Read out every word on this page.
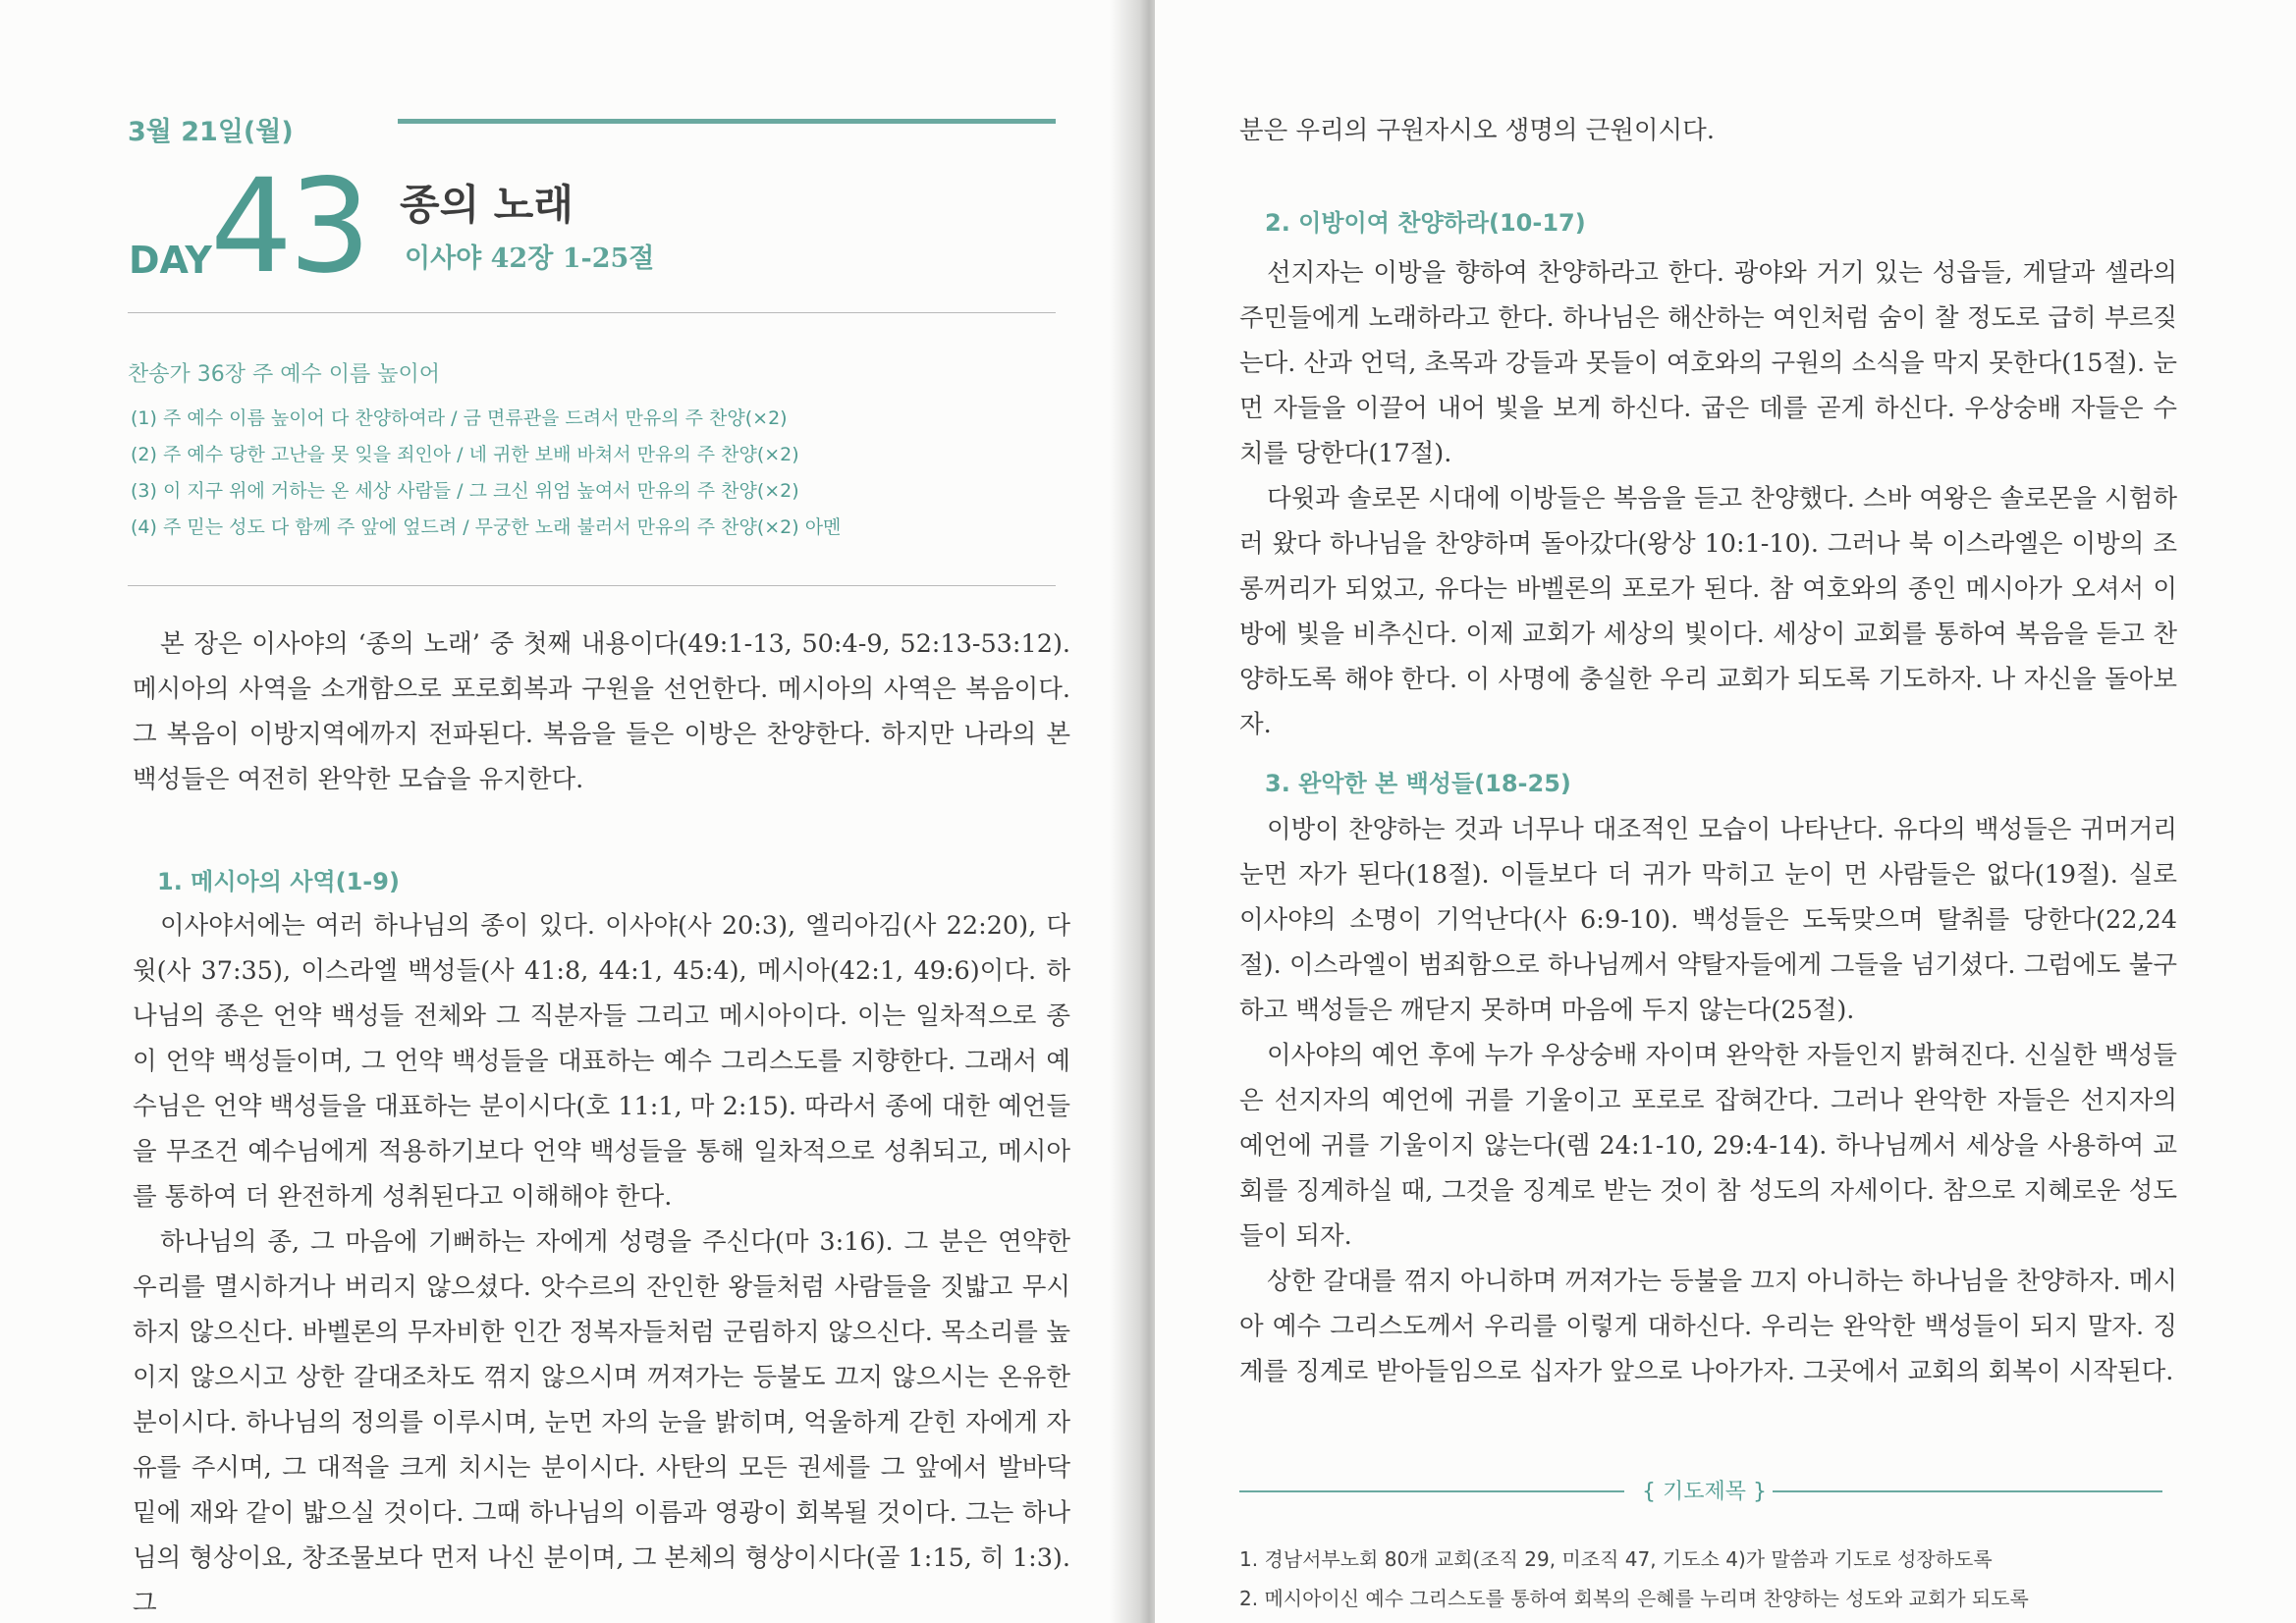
3월 21일(월)
DAY
43 종의 노래
이사야 42장 1-25절
찬송가 36장 주 예수 이름 높이어
(1) 주 예수 이름 높이어 다 찬양하여라 / 금 면류관을 드려서 만유의 주 찬양(×2)
(2) 주 예수 당한 고난을 못 잊을 죄인아 / 네 귀한 보배 바쳐서 만유의 주 찬양(×2)
(3) 이 지구 위에 거하는 온 세상 사람들 / 그 크신 위엄 높여서 만유의 주 찬양(×2)
(4) 주 믿는 성도 다 함께 주 앞에 엎드려 / 무궁한 노래 불러서 만유의 주 찬양(×2) 아멘

본 장은 이사야의 ‘종의 노래’ 중 첫째 내용이다(49:1-13, 50:4-9, 52:13-53:12). 메시아의 사역을 소개함으로 포로회복과 구원을 선언한다. 메시아의 사역은 복음이다. 그 복음이 이방지역에까지 전파된다. 복음을 들은 이방은 찬양한다. 하지만 나라의 본 백성들은 여전히 완악한 모습을 유지한다.

1. 메시아의 사역(1-9)

이사야서에는 여러 하나님의 종이 있다. 이사야(사 20:3), 엘리아김(사 22:20), 다윗(사 37:35), 이스라엘 백성들(사 41:8, 44:1, 45:4), 메시아(42:1, 49:6)이다. 하나님의 종은 언약 백성들 전체와 그 직분자들 그리고 메시아이다. 이는 일차적으로 종이 언약 백성들이며, 그 언약 백성들을 대표하는 예수 그리스도를 지향한다. 그래서 예수님은 언약 백성들을 대표하는 분이시다(호 11:1, 마 2:15). 따라서 종에 대한 예언들을 무조건 예수님에게 적용하기보다 언약 백성들을 통해 일차적으로 성취되고, 메시아를 통하여 더 완전하게 성취된다고 이해해야 한다.

하나님의 종, 그 마음에 기뻐하는 자에게 성령을 주신다(마 3:16). 그 분은 연약한 우리를 멸시하거나 버리지 않으셨다. 앗수르의 잔인한 왕들처럼 사람들을 짓밟고 무시하지 않으신다. 바벨론의 무자비한 인간 정복자들처럼 군림하지 않으신다. 목소리를 높이지 않으시고 상한 갈대조차도 꺾지 않으시며 꺼져가는 등불도 끄지 않으시는 온유한 분이시다. 하나님의 정의를 이루시며, 눈먼 자의 눈을 밝히며, 억울하게 갇힌 자에게 자유를 주시며, 그 대적을 크게 치시는 분이시다. 사탄의 모든 권세를 그 앞에서 발바닥 밑에 재와 같이 밟으실 것이다. 그때 하나님의 이름과 영광이 회복될 것이다. 그는 하나님의 형상이요, 창조물보다 먼저 나신 분이며, 그 본체의 형상이시다(골 1:15, 히 1:3). 그

분은 우리의 구원자시오 생명의 근원이시다.

2. 이방이여 찬양하라(10-17)

선지자는 이방을 향하여 찬양하라고 한다. 광야와 거기 있는 성읍들, 게달과 셀라의 주민들에게 노래하라고 한다. 하나님은 해산하는 여인처럼 숨이 찰 정도로 급히 부르짖는다. 산과 언덕, 초목과 강들과 못들이 여호와의 구원의 소식을 막지 못한다(15절). 눈먼 자들을 이끌어 내어 빛을 보게 하신다. 굽은 데를 곧게 하신다. 우상숭배 자들은 수치를 당한다(17절).

다윗과 솔로몬 시대에 이방들은 복음을 듣고 찬양했다. 스바 여왕은 솔로몬을 시험하러 왔다 하나님을 찬양하며 돌아갔다(왕상 10:1-10). 그러나 북 이스라엘은 이방의 조롱꺼리가 되었고, 유다는 바벨론의 포로가 된다. 참 여호와의 종인 메시아가 오셔서 이방에 빛을 비추신다. 이제 교회가 세상의 빛이다. 세상이 교회를 통하여 복음을 듣고 찬양하도록 해야 한다. 이 사명에 충실한 우리 교회가 되도록 기도하자. 나 자신을 돌아보자.

3. 완악한 본 백성들(18-25)

이방이 찬양하는 것과 너무나 대조적인 모습이 나타난다. 유다의 백성들은 귀머거리 눈먼 자가 된다(18절). 이들보다 더 귀가 막히고 눈이 먼 사람들은 없다(19절). 실로 이사야의 소명이 기억난다(사 6:9-10). 백성들은 도둑맞으며 탈취를 당한다(22,24절). 이스라엘이 범죄함으로 하나님께서 약탈자들에게 그들을 넘기셨다. 그럼에도 불구하고 백성들은 깨닫지 못하며 마음에 두지 않는다(25절).

이사야의 예언 후에 누가 우상숭배 자이며 완악한 자들인지 밝혀진다. 신실한 백성들은 선지자의 예언에 귀를 기울이고 포로로 잡혀간다. 그러나 완악한 자들은 선지자의 예언에 귀를 기울이지 않는다(렘 24:1-10, 29:4-14). 하나님께서 세상을 사용하여 교회를 징계하실 때, 그것을 징계로 받는 것이 참 성도의 자세이다. 참으로 지혜로운 성도들이 되자.

상한 갈대를 꺾지 아니하며 꺼져가는 등불을 끄지 아니하는 하나님을 찬양하자. 메시아 예수 그리스도께서 우리를 이렇게 대하신다. 우리는 완악한 백성들이 되지 말자. 징계를 징계로 받아들임으로 십자가 앞으로 나아가자. 그곳에서 교회의 회복이 시작된다.

{ 기도제목 }
1. 경남서부노회 80개 교회(조직 29, 미조직 47, 기도소 4)가 말씀과 기도로 성장하도록
2. 메시아이신 예수 그리스도를 통하여 회복의 은혜를 누리며 찬양하는 성도와 교회가 되도록
